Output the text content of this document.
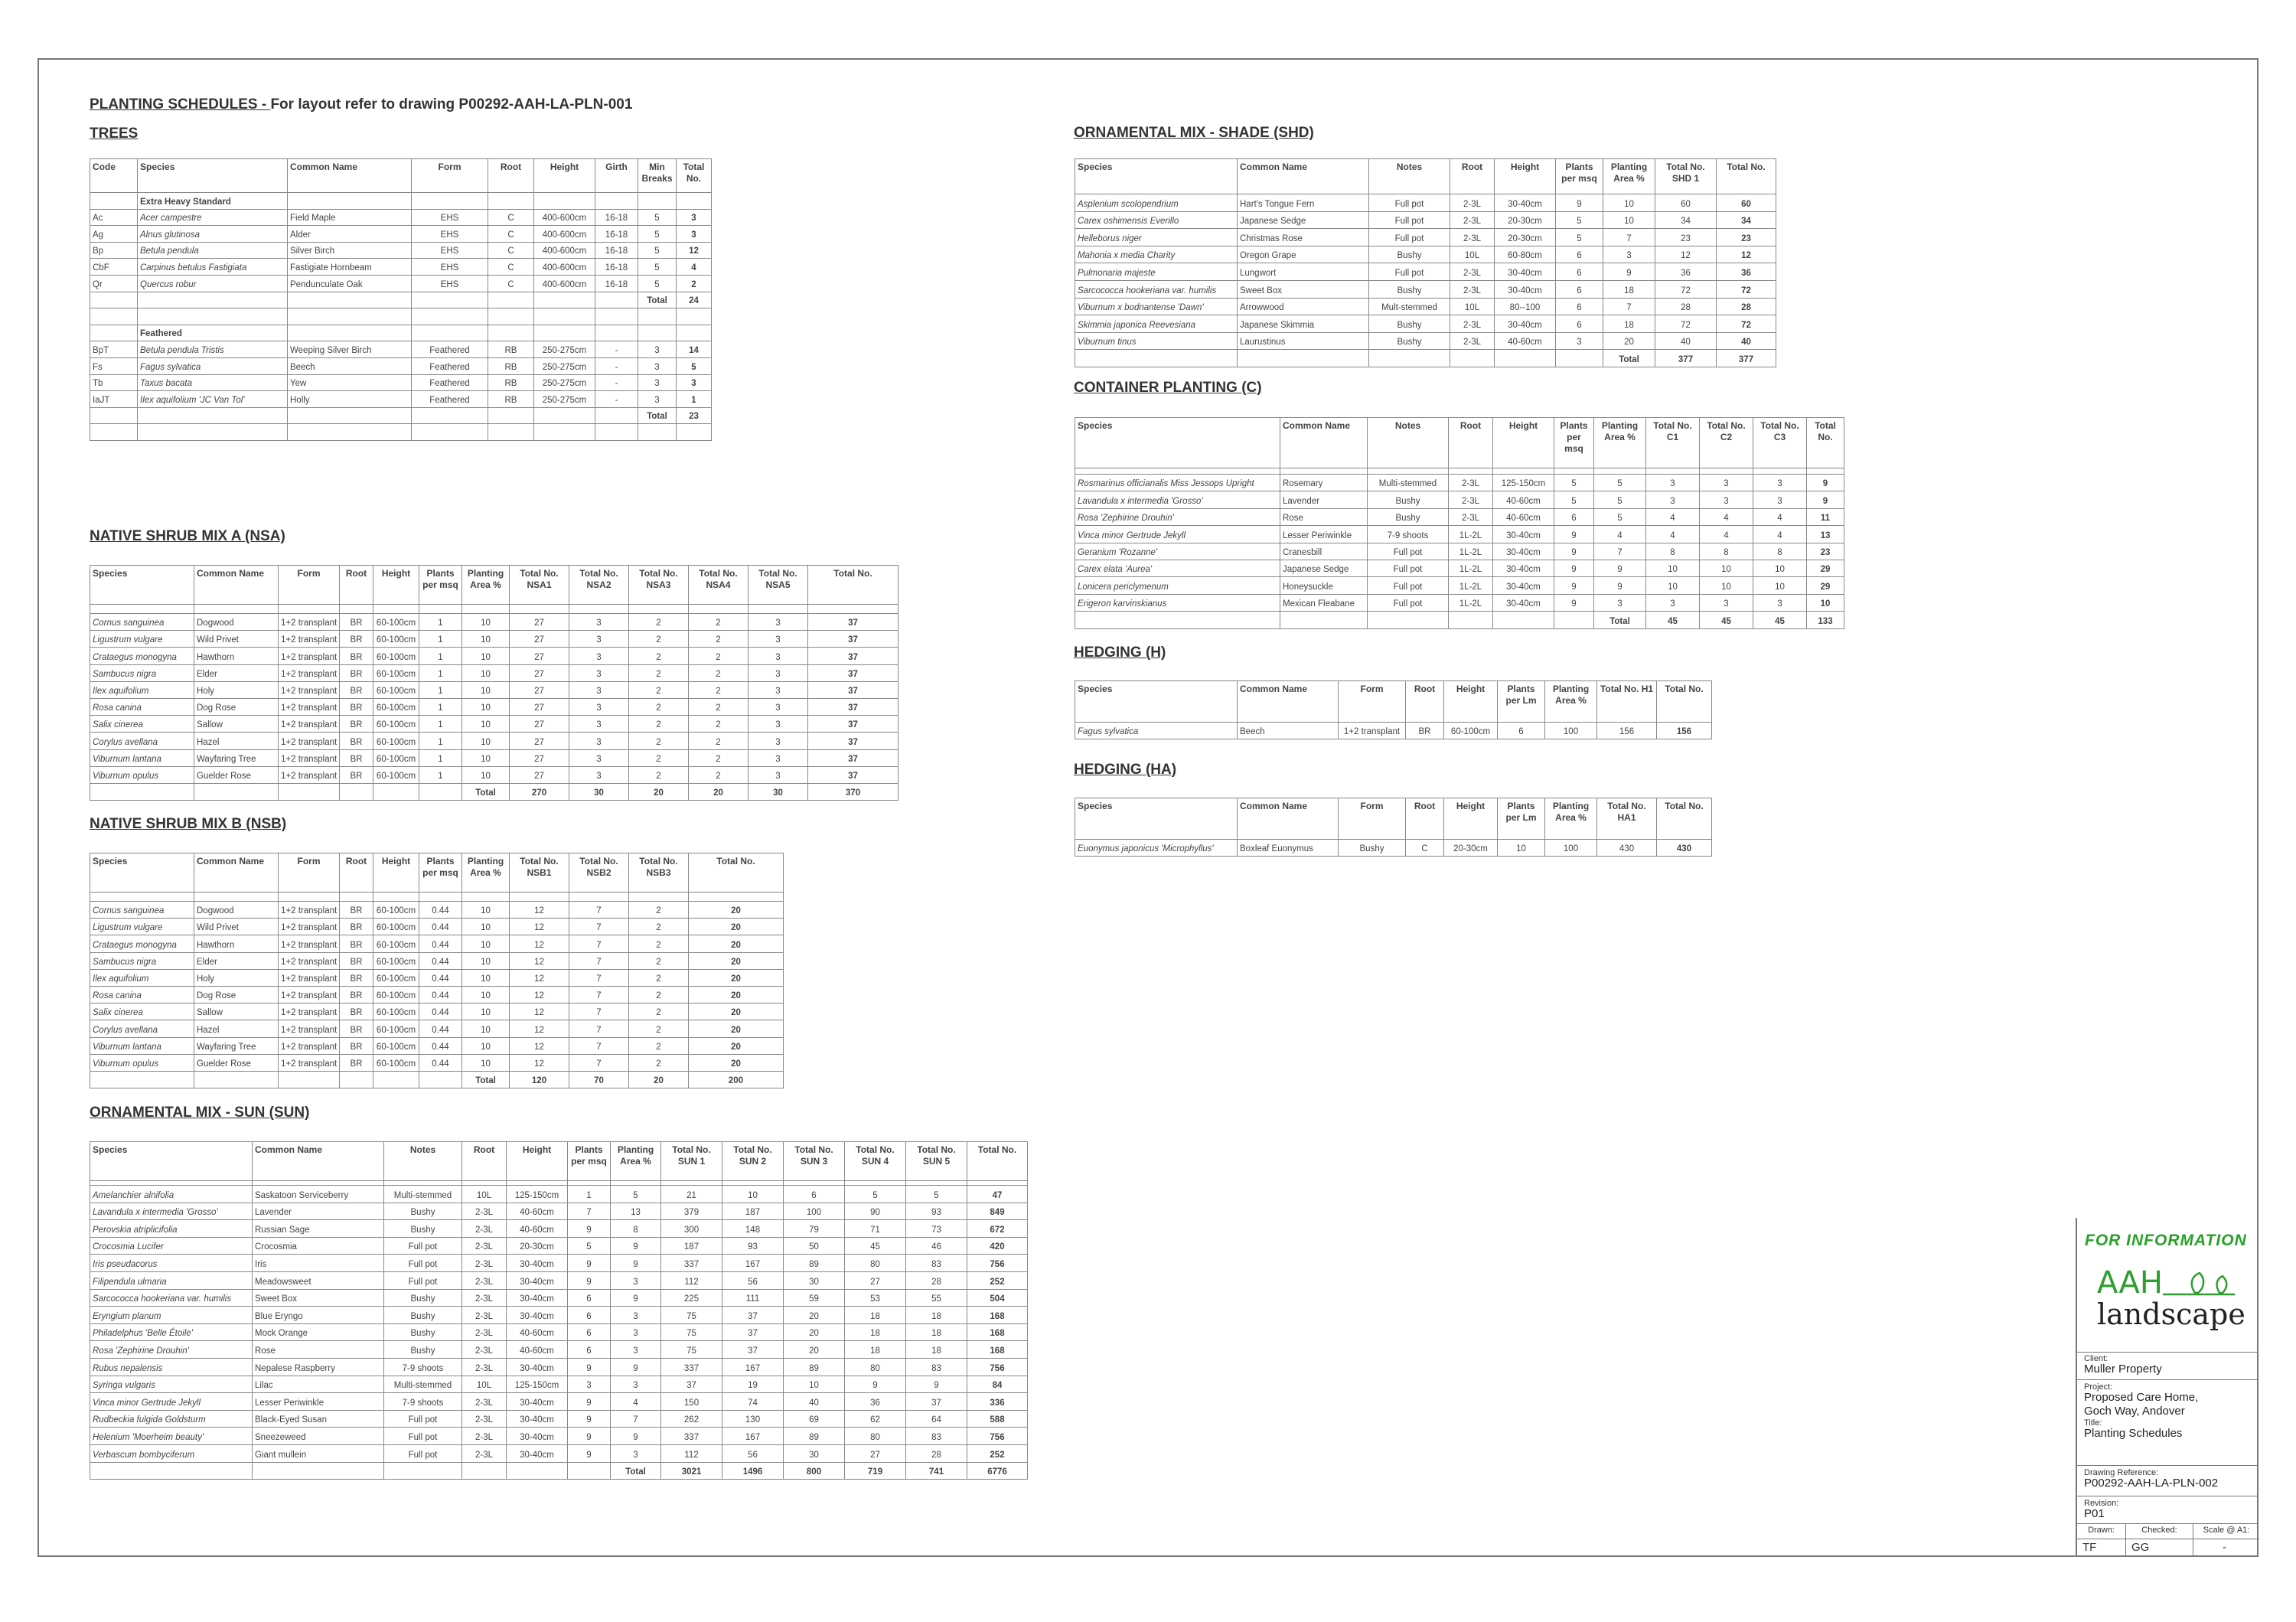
PLANTING SCHEDULES - For layout refer to drawing P00292-AAH-LA-PLN-001
TREES
NATIVE SHRUB MIX A (NSA)
NATIVE SHRUB MIX B (NSB)
ORNAMENTAL MIX - SUN (SUN)
ORNAMENTAL MIX - SHADE (SHD)
CONTAINER PLANTING (C)
HEDGING (H)
HEDGING (HA)
Code	Species	Common Name	Form	Root	Height	Girth	Min Breaks	Total No.
	Extra Heavy Standard							
Ac	Acer campestre	Field Maple	EHS	C	400-600cm	16-18	5	3
Ag	Alnus glutinosa	Alder	EHS	C	400-600cm	16-18	5	3
Bp	Betula pendula	Silver Birch	EHS	C	400-600cm	16-18	5	12
CbF	Carpinus betulus Fastigiata	Fastigiate Hornbeam	EHS	C	400-600cm	16-18	5	4
Qr	Quercus robur	Pendunculate Oak	EHS	C	400-600cm	16-18	5	2
							Total	24

	Feathered							
BpT	Betula pendula Tristis	Weeping Silver Birch	Feathered	RB	250-275cm	-	3	14
Fs	Fagus sylvatica	Beech	Feathered	RB	250-275cm	-	3	5
Tb	Taxus bacata	Yew	Feathered	RB	250-275cm	-	3	3
IaJT	Ilex aquifolium 'JC Van Tol'	Holly	Feathered	RB	250-275cm	-	3	1
							Total	23

Species	Common Name	Form	Root	Height	Plants per msq	Planting Area %	Total No. NSA1	Total No. NSA2	Total No. NSA3	Total No. NSA4	Total No. NSA5	Total No.

Cornus sanguinea	Dogwood	1+2 transplant	BR	60-100cm	1	10	27	3	2	2	3	37
Ligustrum vulgare	Wild Privet	1+2 transplant	BR	60-100cm	1	10	27	3	2	2	3	37
Crataegus monogyna	Hawthorn	1+2 transplant	BR	60-100cm	1	10	27	3	2	2	3	37
Sambucus nigra	Elder	1+2 transplant	BR	60-100cm	1	10	27	3	2	2	3	37
Ilex aquifolium	Holy	1+2 transplant	BR	60-100cm	1	10	27	3	2	2	3	37
Rosa canina	Dog Rose	1+2 transplant	BR	60-100cm	1	10	27	3	2	2	3	37
Salix cinerea	Sallow	1+2 transplant	BR	60-100cm	1	10	27	3	2	2	3	37
Corylus avellana	Hazel	1+2 transplant	BR	60-100cm	1	10	27	3	2	2	3	37
Viburnum lantana	Wayfaring Tree	1+2 transplant	BR	60-100cm	1	10	27	3	2	2	3	37
Viburnum opulus	Guelder Rose	1+2 transplant	BR	60-100cm	1	10	27	3	2	2	3	37
						Total	270	30	20	20	30	370
Species	Common Name	Form	Root	Height	Plants per msq	Planting Area %	Total No. NSB1	Total No. NSB2	Total No. NSB3	Total No.

Cornus sanguinea	Dogwood	1+2 transplant	BR	60-100cm	0.44	10	12	7	2	20
Ligustrum vulgare	Wild Privet	1+2 transplant	BR	60-100cm	0.44	10	12	7	2	20
Crataegus monogyna	Hawthorn	1+2 transplant	BR	60-100cm	0.44	10	12	7	2	20
Sambucus nigra	Elder	1+2 transplant	BR	60-100cm	0.44	10	12	7	2	20
Ilex aquifolium	Holy	1+2 transplant	BR	60-100cm	0.44	10	12	7	2	20
Rosa canina	Dog Rose	1+2 transplant	BR	60-100cm	0.44	10	12	7	2	20
Salix cinerea	Sallow	1+2 transplant	BR	60-100cm	0.44	10	12	7	2	20
Corylus avellana	Hazel	1+2 transplant	BR	60-100cm	0.44	10	12	7	2	20
Viburnum lantana	Wayfaring Tree	1+2 transplant	BR	60-100cm	0.44	10	12	7	2	20
Viburnum opulus	Guelder Rose	1+2 transplant	BR	60-100cm	0.44	10	12	7	2	20
						Total	120	70	20	200
Species	Common Name	Notes	Root	Height	Plants per msq	Planting Area %	Total No. SUN 1	Total No. SUN 2	Total No. SUN 3	Total No. SUN 4	Total No. SUN 5	Total No.

Amelanchier alnifolia	Saskatoon Serviceberry	Multi-stemmed	10L	125-150cm	1	5	21	10	6	5	5	47
Lavandula x intermedia 'Grosso'	Lavender	Bushy	2-3L	40-60cm	7	13	379	187	100	90	93	849
Perovskia atriplicifolia	Russian Sage	Bushy	2-3L	40-60cm	9	8	300	148	79	71	73	672
Crocosmia Lucifer	Crocosmia	Full pot	2-3L	20-30cm	5	9	187	93	50	45	46	420
Iris pseudacorus	Iris	Full pot	2-3L	30-40cm	9	9	337	167	89	80	83	756
Filipendula ulmaria	Meadowsweet	Full pot	2-3L	30-40cm	9	3	112	56	30	27	28	252
Sarcococca hookeriana var. humilis	Sweet Box	Bushy	2-3L	30-40cm	6	9	225	111	59	53	55	504
Eryngium planum	Blue Eryngo	Bushy	2-3L	30-40cm	6	3	75	37	20	18	18	168
Philadelphus 'Belle Étoile'	Mock Orange	Bushy	2-3L	40-60cm	6	3	75	37	20	18	18	168
Rosa 'Zephirine Drouhin'	Rose	Bushy	2-3L	40-60cm	6	3	75	37	20	18	18	168
Rubus nepalensis	Nepalese Raspberry	7-9 shoots	2-3L	30-40cm	9	9	337	167	89	80	83	756
Syringa vulgaris	Lilac	Multi-stemmed	10L	125-150cm	3	3	37	19	10	9	9	84
Vinca minor Gertrude Jekyll	Lesser Periwinkle	7-9 shoots	2-3L	30-40cm	9	4	150	74	40	36	37	336
Rudbeckia fulgida Goldsturm	Black-Eyed Susan	Full pot	2-3L	30-40cm	9	7	262	130	69	62	64	588
Helenium 'Moerheim beauty'	Sneezeweed	Full pot	2-3L	30-40cm	9	9	337	167	89	80	83	756
Verbascum bombyciferum	Giant mullein	Full pot	2-3L	30-40cm	9	3	112	56	30	27	28	252
						Total	3021	1496	800	719	741	6776
Species	Common Name	Notes	Root	Height	Plants per msq	Planting Area %	Total No. SHD 1	Total No.
Asplenium scolopendrium	Hart's Tongue Fern	Full pot	2-3L	30-40cm	9	10	60	60
Carex oshimensis Everillo	Japanese Sedge	Full pot	2-3L	20-30cm	5	10	34	34
Helleborus niger	Christmas Rose	Full pot	2-3L	20-30cm	5	7	23	23
Mahonia x media Charity	Oregon Grape	Bushy	10L	60-80cm	6	3	12	12
Pulmonaria majeste	Lungwort	Full pot	2-3L	30-40cm	6	9	36	36
Sarcococca hookeriana var. humilis	Sweet Box	Bushy	2-3L	30-40cm	6	18	72	72
Viburnum x bodnantense 'Dawn'	Arrowwood	Mult-stemmed	10L	80--100	6	7	28	28
Skimmia japonica Reevesiana	Japanese Skimmia	Bushy	2-3L	30-40cm	6	18	72	72
Viburnum tinus	Laurustinus	Bushy	2-3L	40-60cm	3	20	40	40
						Total	377	377
Species	Common Name	Notes	Root	Height	Plants per msq	Planting Area %	Total No. C1	Total No. C2	Total No. C3	Total No.

Rosmarinus officianalis Miss Jessops Upright	Rosemary	Multi-stemmed	2-3L	125-150cm	5	5	3	3	3	9
Lavandula x intermedia 'Grosso'	Lavender	Bushy	2-3L	40-60cm	5	5	3	3	3	9
Rosa 'Zephirine Drouhin'	Rose	Bushy	2-3L	40-60cm	6	5	4	4	4	11
Vinca minor Gertrude Jekyll	Lesser Periwinkle	7-9 shoots	1L-2L	30-40cm	9	4	4	4	4	13
Geranium 'Rozanne'	Cranesbill	Full pot	1L-2L	30-40cm	9	7	8	8	8	23
Carex elata 'Aurea'	Japanese Sedge	Full pot	1L-2L	30-40cm	9	9	10	10	10	29
Lonicera periclymenum	Honeysuckle	Full pot	1L-2L	30-40cm	9	9	10	10	10	29
Erigeron karvinskianus	Mexican Fleabane	Full pot	1L-2L	30-40cm	9	3	3	3	3	10
						Total	45	45	45	133
Species	Common Name	Form	Root	Height	Plants per Lm	Planting Area %	Total No. H1	Total No.
Fagus sylvatica	Beech	1+2 transplant	BR	60-100cm	6	100	156	156
Species	Common Name	Form	Root	Height	Plants per Lm	Planting Area %	Total No. HA1	Total No.
Euonymus japonicus 'Microphyllus'	Boxleaf Euonymus	Bushy	C	20-30cm	10	100	430	430
FOR INFORMATION
AAH
landscape
Client:
Muller Property
Project:
Proposed Care Home,
Goch Way, Andover
Title:
Planting Schedules
Drawing Reference:
P00292-AAH-LA-PLN-002
Revision:
P01
Drawn:
TF
Checked:
GG
Scale @ A1:
-
